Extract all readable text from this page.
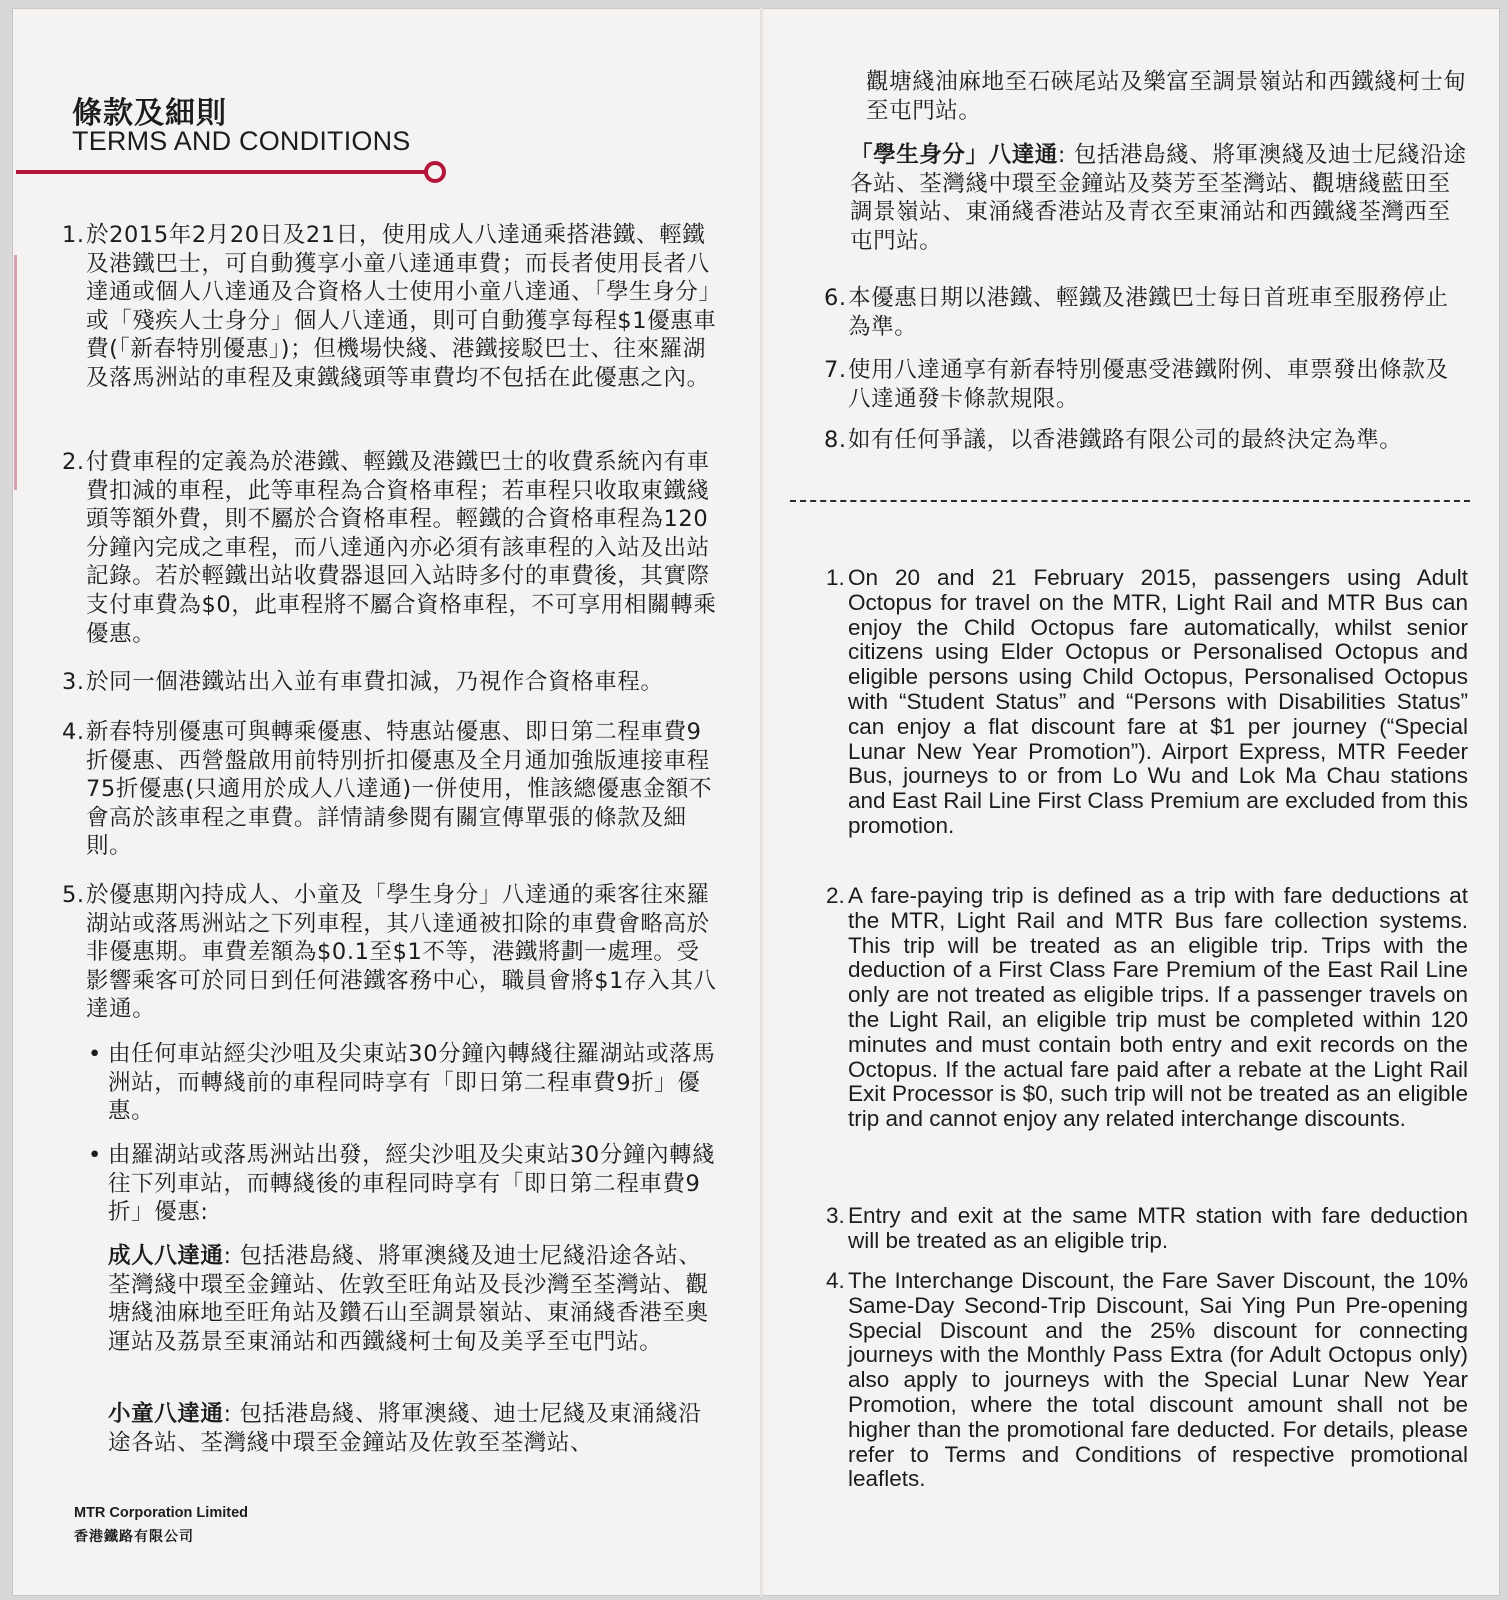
條款及細則
TERMS AND CONDITIONS
1. 於2015年2月20日及21日，使用成人八達通乘搭港鐵、輕鐵及港鐵巴士，可自動獲享小童八達通車費；而長者使用長者八達通或個人八達通及合資格人士使用小童八達通、「學生身分」或「殘疾人士身分」個人八達通，則可自動獲享每程$1優惠車費(「新春特別優惠」)；但機場快綫、港鐵接駁巴士、往來羅湖及落馬洲站的車程及東鐵綫頭等車費均不包括在此優惠之內。
2. 付費車程的定義為於港鐵、輕鐵及港鐵巴士的收費系統內有車費扣減的車程，此等車程為合資格車程；若車程只收取東鐵綫頭等額外費，則不屬於合資格車程。輕鐵的合資格車程為120分鐘內完成之車程，而八達通內亦必須有該車程的入站及出站記錄。若於輕鐵出站收費器退回入站時多付的車費後，其實際支付車費為$0，此車程將不屬合資格車程，不可享用相關轉乘優惠。
3. 於同一個港鐵站出入並有車費扣減，乃視作合資格車程。
4. 新春特別優惠可與轉乘優惠、特惠站優惠、即日第二程車費9折優惠、西營盤啟用前特別折扣優惠及全月通加強版連接車程75折優惠(只適用於成人八達通)一併使用，惟該總優惠金額不會高於該車程之車費。詳情請參閱有關宣傳單張的條款及細則。
5. 於優惠期內持成人、小童及「學生身分」八達通的乘客往來羅湖站或落馬洲站之下列車程，其八達通被扣除的車費會略高於非優惠期。車費差額為$0.1至$1不等，港鐵將劃一處理。受影響乘客可於同日到任何港鐵客務中心，職員會將$1存入其八達通。
• 由任何車站經尖沙咀及尖東站30分鐘內轉綫往羅湖站或落馬洲站，而轉綫前的車程同時享有「即日第二程車費9折」優惠。
• 由羅湖站或落馬洲站出發，經尖沙咀及尖東站30分鐘內轉綫往下列車站，而轉綫後的車程同時享有「即日第二程車費9折」優惠:
成人八達通: 包括港島綫、將軍澳綫及迪士尼綫沿途各站、荃灣綫中環至金鐘站、佐敦至旺角站及長沙灣至荃灣站、觀塘綫油麻地至旺角站及鑽石山至調景嶺站、東涌綫香港至奧運站及荔景至東涌站和西鐵綫柯士甸及美孚至屯門站。
小童八達通: 包括港島綫、將軍澳綫、迪士尼綫及東涌綫沿途各站、荃灣綫中環至金鐘站及佐敦至荃灣站、
觀塘綫油麻地至石硤尾站及樂富至調景嶺站和西鐵綫柯士甸至屯門站。
「學生身分」八達通: 包括港島綫、將軍澳綫及迪士尼綫沿途各站、荃灣綫中環至金鐘站及葵芳至荃灣站、觀塘綫藍田至調景嶺站、東涌綫香港站及青衣至東涌站和西鐵綫荃灣西至屯門站。
6. 本優惠日期以港鐵、輕鐵及港鐵巴士每日首班車至服務停止為準。
7. 使用八達通享有新春特別優惠受港鐵附例、車票發出條款及八達通發卡條款規限。
8. 如有任何爭議，以香港鐵路有限公司的最終決定為準。
1. On 20 and 21 February 2015, passengers using Adult Octopus for travel on the MTR, Light Rail and MTR Bus can enjoy the Child Octopus fare automatically, whilst senior citizens using Elder Octopus or Personalised Octopus and eligible persons using Child Octopus, Personalised Octopus with “Student Status” and “Persons with Disabilities Status” can enjoy a flat discount fare at $1 per journey (“Special Lunar New Year Promotion”). Airport Express, MTR Feeder Bus, journeys to or from Lo Wu and Lok Ma Chau stations and East Rail Line First Class Premium are excluded from this promotion.
2. A fare-paying trip is defined as a trip with fare deductions at the MTR, Light Rail and MTR Bus fare collection systems. This trip will be treated as an eligible trip. Trips with the deduction of a First Class Fare Premium of the East Rail Line only are not treated as eligible trips. If a passenger travels on the Light Rail, an eligible trip must be completed within 120 minutes and must contain both entry and exit records on the Octopus. If the actual fare paid after a rebate at the Light Rail Exit Processor is $0, such trip will not be treated as an eligible trip and cannot enjoy any related interchange discounts.
3. Entry and exit at the same MTR station with fare deduction will be treated as an eligible trip.
4. The Interchange Discount, the Fare Saver Discount, the 10% Same-Day Second-Trip Discount, Sai Ying Pun Pre-opening Special Discount and the 25% discount for connecting journeys with the Monthly Pass Extra (for Adult Octopus only) also apply to journeys with the Special Lunar New Year Promotion, where the total discount amount shall not be higher than the promotional fare deducted. For details, please refer to Terms and Conditions of respective promotional leaflets.
MTR Corporation Limited
香港鐵路有限公司
